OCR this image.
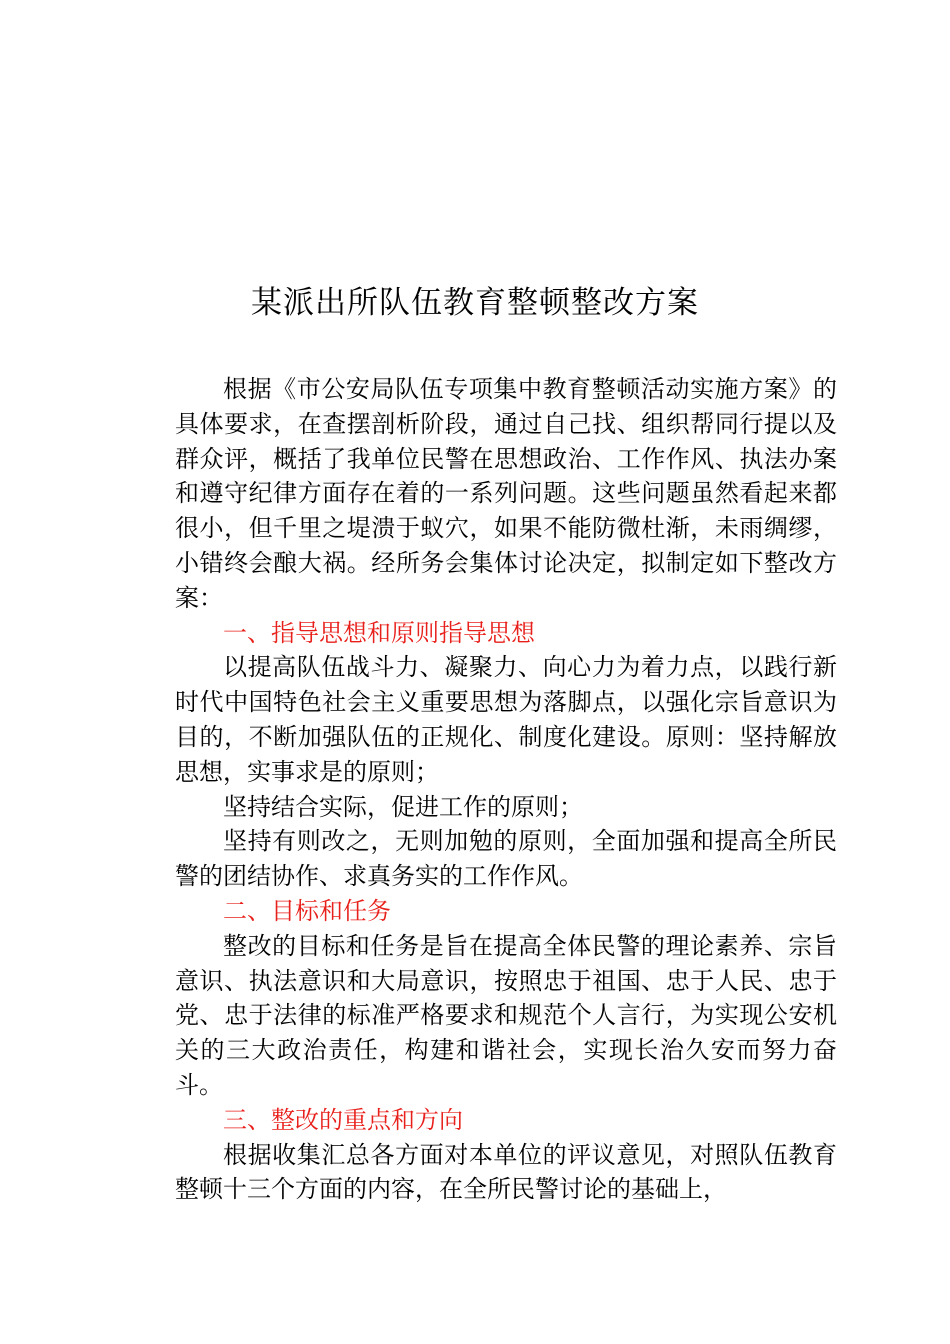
某派出所队伍教育整顿整改方案

根据《市公安局队伍专项集中教育整顿活动实施方案》的具体要求，在查摆剖析阶段，通过自己找、组织帮同行提以及群众评，概括了我单位民警在思想政治、工作作风、执法办案和遵守纪律方面存在着的一系列问题。这些问题虽然看起来都很小，但千里之堤溃于蚁穴，如果不能防微杜渐，未雨绸缪，小错终会酿大祸。经所务会集体讨论决定，拟制定如下整改方案：

一、指导思想和原则指导思想

以提高队伍战斗力、凝聚力、向心力为着力点，以践行新时代中国特色社会主义重要思想为落脚点，以强化宗旨意识为目的，不断加强队伍的正规化、制度化建设。原则：坚持解放思想，实事求是的原则；

坚持结合实际，促进工作的原则；

坚持有则改之，无则加勉的原则，全面加强和提高全所民警的团结协作、求真务实的工作作风。

二、目标和任务

整改的目标和任务是旨在提高全体民警的理论素养、宗旨意识、执法意识和大局意识，按照忠于祖国、忠于人民、忠于党、忠于法律的标准严格要求和规范个人言行，为实现公安机关的三大政治责任，构建和谐社会，实现长治久安而努力奋斗。

三、整改的重点和方向

根据收集汇总各方面对本单位的评议意见，对照队伍教育整顿十三个方面的内容，在全所民警讨论的基础上，
